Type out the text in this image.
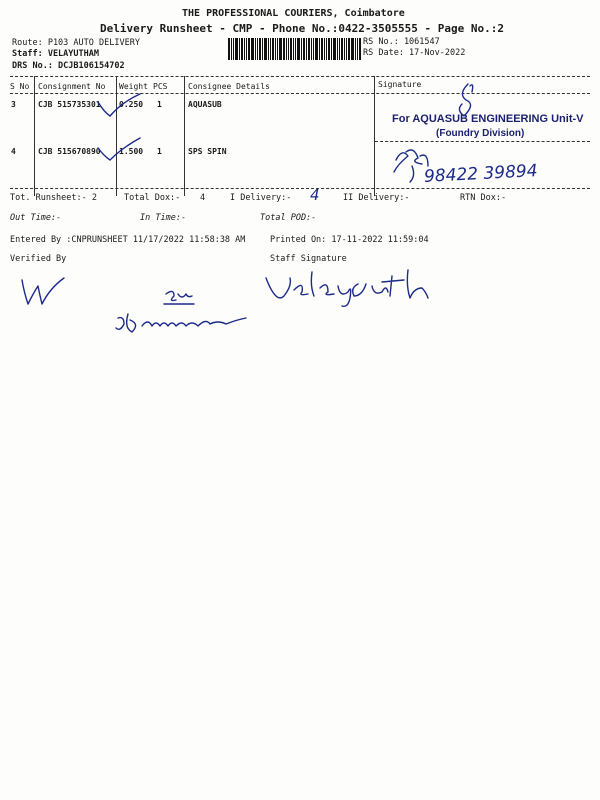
THE PROFESSIONAL COURIERS, Coimbatore
Delivery Runsheet - CMP - Phone No.:0422-3505555 - Page No.:2
Route: P103 AUTO DELIVERY
Staff: VELAYUTHAM
DRS No.: DCJB106154702
RS No.: 1061547
RS Date: 17-Nov-2022
S No Consignment No Weight PCS	Consignee Details	Signature
3	CJB 515735301 0.250 1	AQUASUB
4	CJB 515670890 1.500 1	SPS SPIN
For AQUASUB ENGINEERING Unit-V
(Foundry Division)
Tot. Runsheet:- 2	Total Dox:- 4	I Delivery:-	II Delivery:-	RTN Dox:-
Out Time:-	In Time:-	Total POD:-
Entered By :CNPRUNSHEET 11/17/2022 11:58:38 AM	Printed On: 17-11-2022 11:59:04
Verified By	Staff Signature
98422 39894
4
